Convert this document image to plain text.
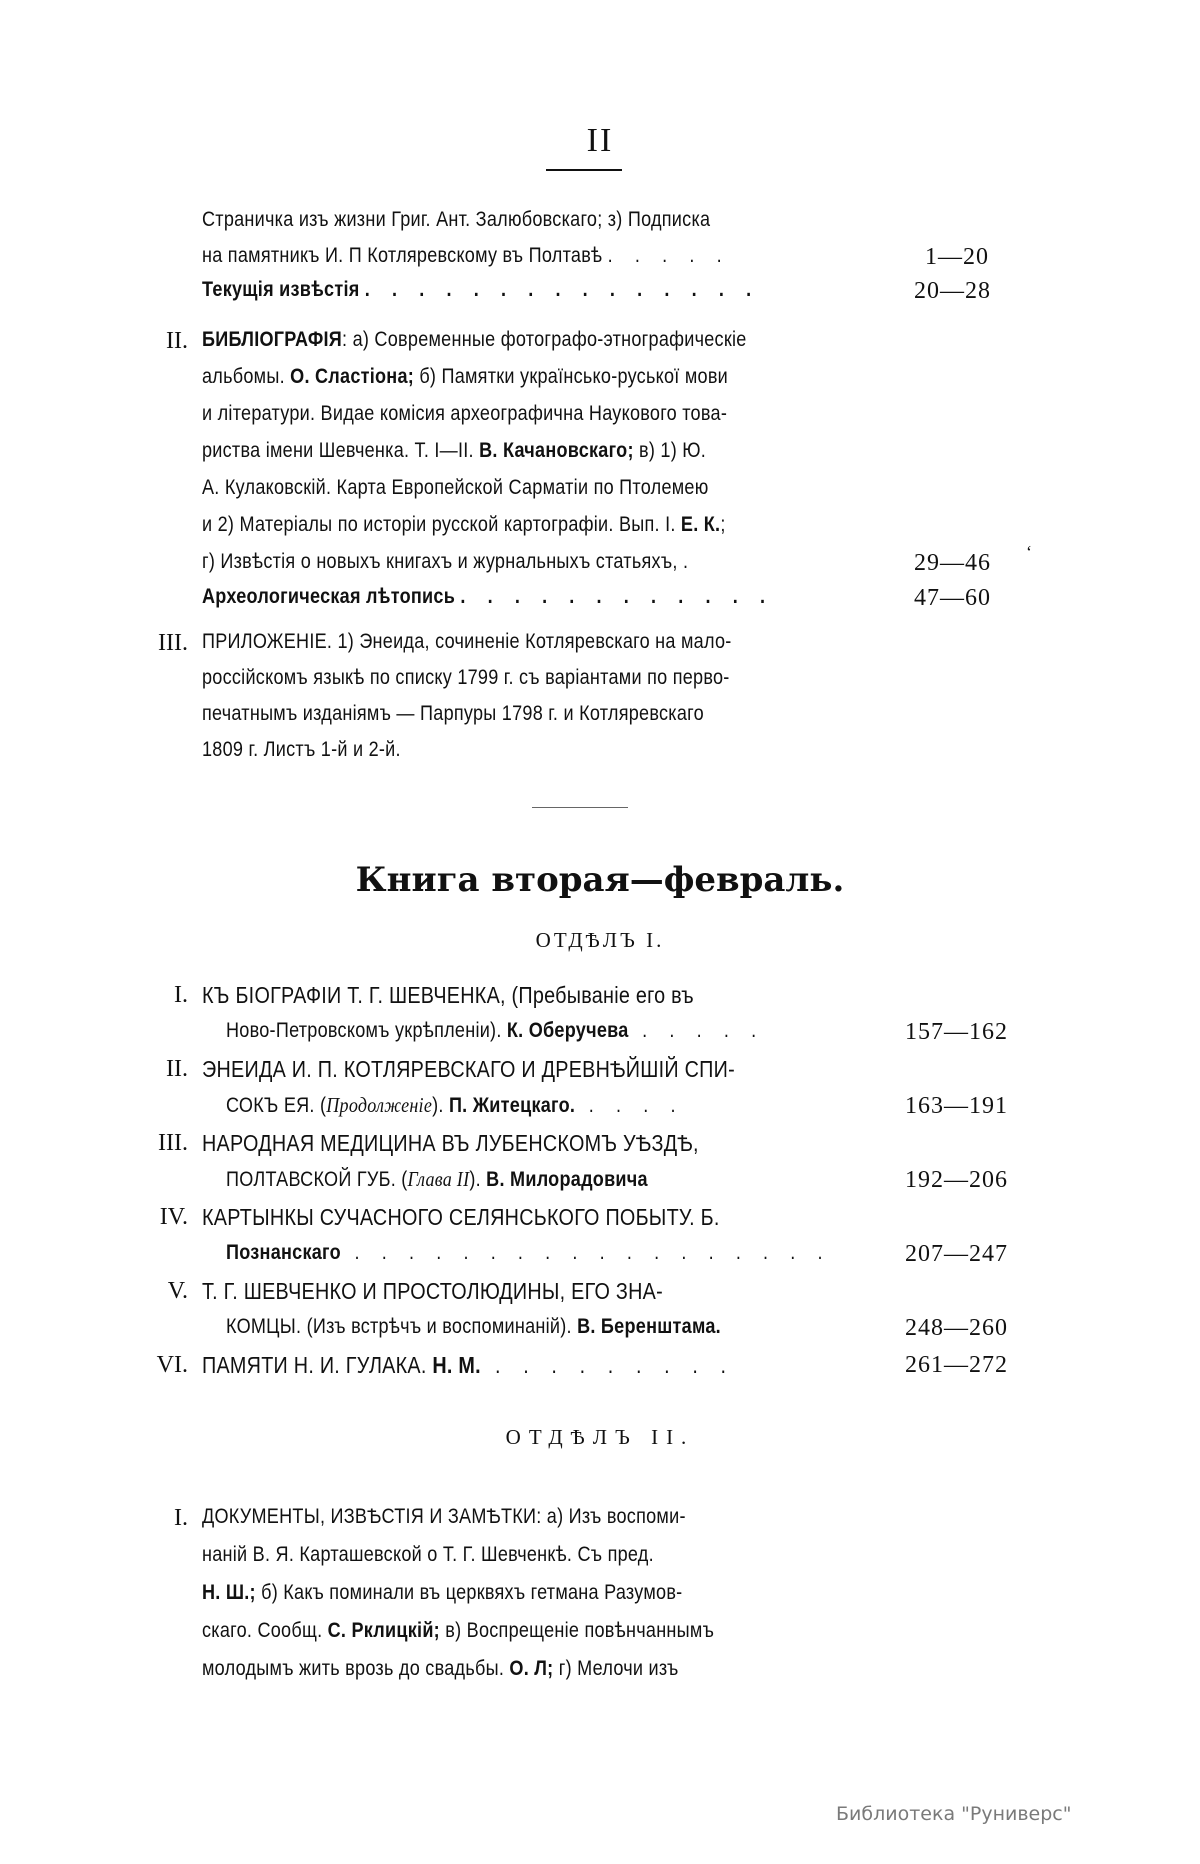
II
Страничка изъ жизни Григ. Ант. Залюбовскаго; з) Подписка
на памятникъ И. П Котляревскому въ Полтавѣ . . . . .	1—20
Текущія извѣстія . . . . . . . . . . . . . . .	20—28
II. БИБЛІОГРАФІЯ: а) Современные фотографо-этнографическіе
альбомы. О. Сластіона; б) Памятки українсько-руської мови
и літератури. Видае комісия археографична Наукового това-
риства імени Шевченка. Т. I—II. В. Качановскаго; в) 1) Ю.
А. Кулаковскій. Карта Европейской Сарматіи по Птолемею
и 2) Матеріалы по исторіи русской картографіи. Вып. I. Е. К.;
г) Извѣстія о новыхъ книгахъ и журнальныхъ статьяхъ, .	29—46 ‘
Археологическая лѣтопись . . . . . . . . . . . .	47—60
III. ПРИЛОЖЕНІЕ. 1) Энеида, сочиненіе Котляревскаго на мало-
россійскомъ языкѣ по списку 1799 г. съ варіантами по перво-
печатнымъ изданіямъ — Парпуры 1798 г. и Котляревскаго
1809 г. Листъ 1-й и 2-й.
Книга вторая—февраль.
ОТДѢЛЪ I.
I. КЪ БІОГРАФІИ Т. Г. ШЕВЧЕНКА, (Пребываніе его въ
Ново-Петровскомъ укрѣпленіи). К. Оберучева . . . . .	157—162
II. ЭНЕИДА И. П. КОТЛЯРЕВСКАГО И ДРЕВНѢЙШІЙ СПИ-
СОКЪ ЕЯ. (Продолженіе). П. Житецкаго. . . . .	163—191
III. НАРОДНАЯ МЕДИЦИНА ВЪ ЛУБЕНСКОМЪ УѢЗДѢ,
ПОЛТАВСКОЙ ГУБ. (Глава II). В. Милорадовича	192—206
IV. КАРТЫНКЫ СУЧАСНОГО СЕЛЯНСЬКОГО ПОБЫТУ. Б.
Познанскаго . . . . . . . . . . . . . . . . . .	207—247
V. Т. Г. ШЕВЧЕНКО И ПРОСТОЛЮДИНЫ, ЕГО ЗНА-
КОМЦЫ. (Изъ встрѣчъ и воспоминаній). В. Беренштама.	248—260
VI. ПАМЯТИ Н. И. ГУЛАКА. Н. М. . . . . . . . . .	261—272
ОТДѢЛЪ II.
I. ДОКУМЕНТЫ, ИЗВѢСТІЯ И ЗАМѢТКИ: а) Изъ воспоми-
наній В. Я. Карташевской о Т. Г. Шевченкѣ. Съ пред.
Н. Ш.; б) Какъ поминали въ церквяхъ гетмана Разумов-
скаго. Сообщ. С. Рклицкій; в) Воспрещеніе повѣнчаннымъ
молодымъ жить врозь до свадьбы. О. Л; г) Мелочи изъ
Библиотека "Руниверс"
